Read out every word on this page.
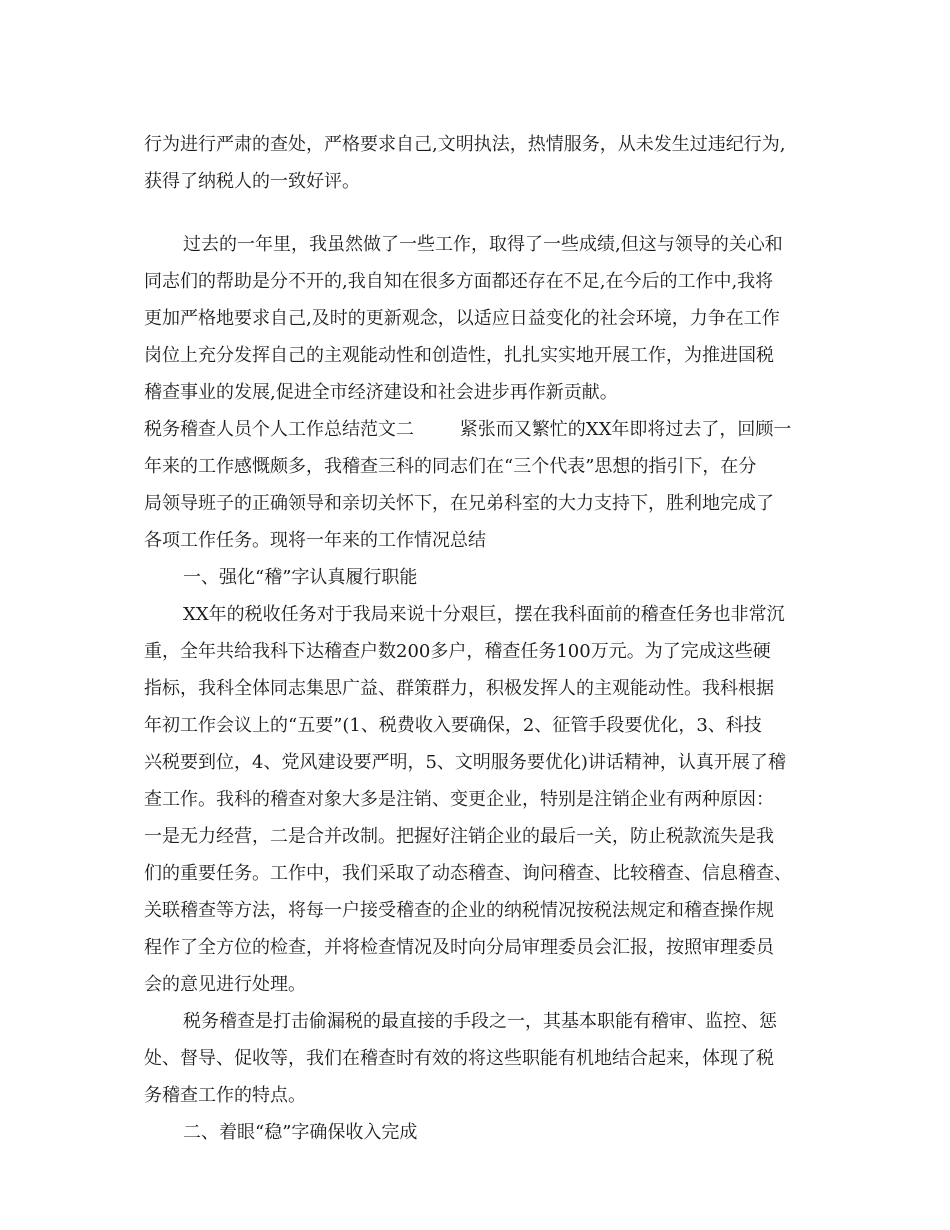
行为进行严肃的查处，严格要求自己,文明执法，热情服务，从未发生过违纪行为,
获得了纳税人的一致好评。
过去的一年里，我虽然做了一些工作，取得了一些成绩,但这与领导的关心和
同志们的帮助是分不开的,我自知在很多方面都还存在不足,在今后的工作中,我将
更加严格地要求自己,及时的更新观念，以适应日益变化的社会环境，力争在工作
岗位上充分发挥自己的主观能动性和创造性，扎扎实实地开展工作，为推进国税
稽查事业的发展,促进全市经济建设和社会进步再作新贡献。
税务稽查人员个人工作总结范文二        紧张而又繁忙的XX年即将过去了，回顾一
年来的工作感慨颇多，我稽查三科的同志们在“三个代表”思想的指引下，在分
局领导班子的正确领导和亲切关怀下，在兄弟科室的大力支持下，胜利地完成了
各项工作任务。现将一年来的工作情况总结
一、强化“稽”字认真履行职能
XX年的税收任务对于我局来说十分艰巨，摆在我科面前的稽查任务也非常沉
重，全年共给我科下达稽查户数200多户，稽查任务100万元。为了完成这些硬
指标，我科全体同志集思广益、群策群力，积极发挥人的主观能动性。我科根据
年初工作会议上的“五要”(1、税费收入要确保，2、征管手段要优化，3、科技
兴税要到位，4、党风建设要严明，5、文明服务要优化)讲话精神，认真开展了稽
查工作。我科的稽查对象大多是注销、变更企业，特别是注销企业有两种原因：
一是无力经营，二是合并改制。把握好注销企业的最后一关，防止税款流失是我
们的重要任务。工作中，我们采取了动态稽查、询问稽查、比较稽查、信息稽查、
关联稽查等方法，将每一户接受稽查的企业的纳税情况按税法规定和稽查操作规
程作了全方位的检查，并将检查情况及时向分局审理委员会汇报，按照审理委员
会的意见进行处理。
税务稽查是打击偷漏税的最直接的手段之一，其基本职能有稽审、监控、惩
处、督导、促收等，我们在稽查时有效的将这些职能有机地结合起来，体现了税
务稽查工作的特点。
二、着眼“稳”字确保收入完成
